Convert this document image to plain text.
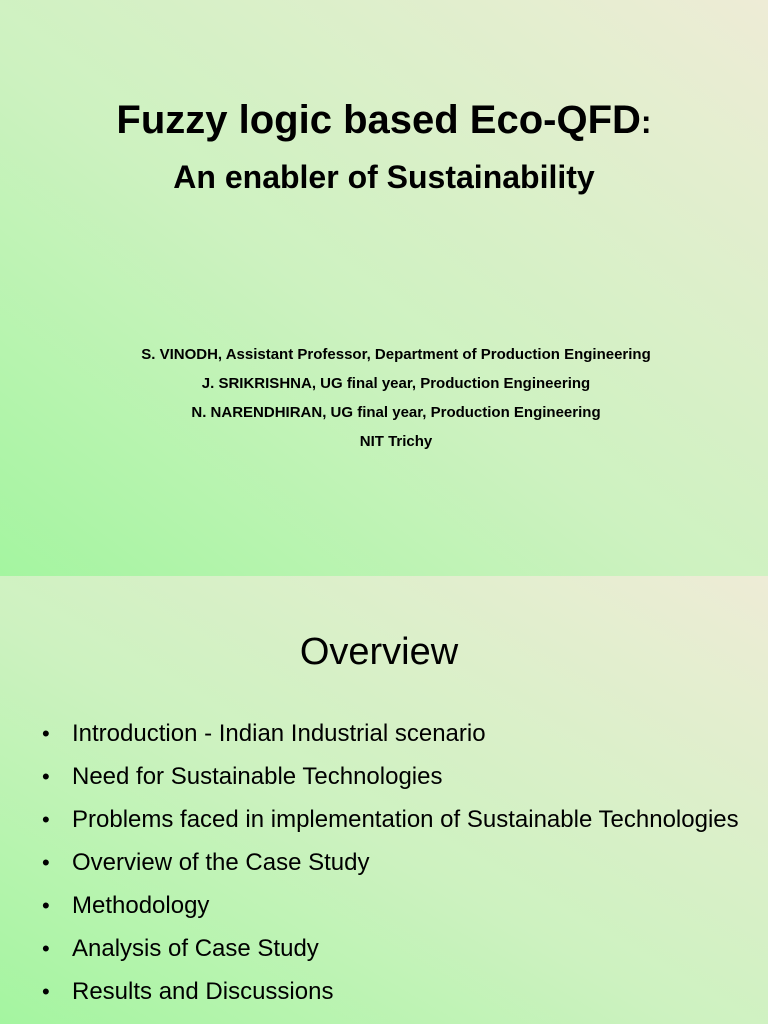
Fuzzy logic based Eco-QFD:
An enabler of Sustainability
S. VINODH, Assistant Professor, Department of Production Engineering
J. SRIKRISHNA, UG final year, Production Engineering
N. NARENDHIRAN, UG final year, Production Engineering
NIT Trichy
Overview
• Introduction - Indian Industrial scenario
• Need for Sustainable Technologies
• Problems faced in implementation of Sustainable Technologies
• Overview of the Case Study
• Methodology
• Analysis of Case Study
• Results and Discussions
